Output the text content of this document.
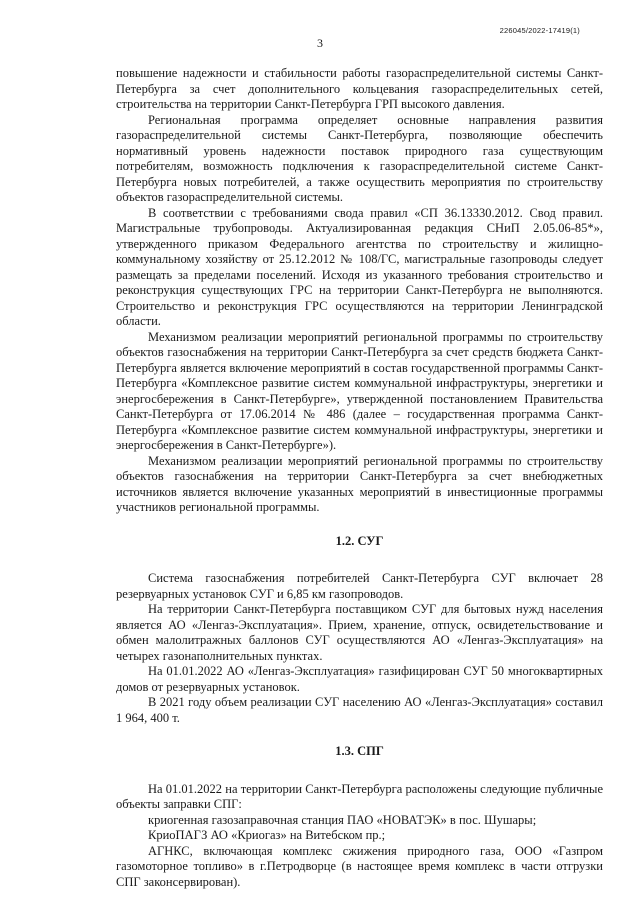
226045/2022-17419(1)
3

повышение надежности и стабильности работы газораспределительной системы Санкт-Петербурга за счет дополнительного кольцевания газораспределительных сетей, строительства на территории Санкт-Петербурга ГРП высокого давления.

Региональная программа определяет основные направления развития газораспределительной системы Санкт-Петербурга, позволяющие обеспечить нормативный уровень надежности поставок природного газа существующим потребителям, возможность подключения к газораспределительной системе Санкт-Петербурга новых потребителей, а также осуществить мероприятия по строительству объектов газораспределительной системы.

В соответствии с требованиями свода правил «СП 36.13330.2012. Свод правил. Магистральные трубопроводы. Актуализированная редакция СНиП 2.05.06-85*», утвержденного приказом Федерального агентства по строительству и жилищно-коммунальному хозяйству от 25.12.2012 № 108/ГС, магистральные газопроводы следует размещать за пределами поселений. Исходя из указанного требования строительство и реконструкция существующих ГРС на территории Санкт-Петербурга не выполняются. Строительство и реконструкция ГРС осуществляются на территории Ленинградской области.

Механизмом реализации мероприятий региональной программы по строительству объектов газоснабжения на территории Санкт-Петербурга за счет средств бюджета Санкт-Петербурга является включение мероприятий в состав государственной программы Санкт-Петербурга «Комплексное развитие систем коммунальной инфраструктуры, энергетики и энергосбережения в Санкт-Петербурге», утвержденной постановлением Правительства Санкт-Петербурга от 17.06.2014 № 486 (далее – государственная программа Санкт-Петербурга «Комплексное развитие систем коммунальной инфраструктуры, энергетики и энергосбережения в Санкт-Петербурге»).

Механизмом реализации мероприятий региональной программы по строительству объектов газоснабжения на территории Санкт-Петербурга за счет внебюджетных источников является включение указанных мероприятий в инвестиционные программы участников региональной программы.

1.2. СУГ

Система газоснабжения потребителей Санкт-Петербурга СУГ включает 28 резервуарных установок СУГ и 6,85 км газопроводов.

На территории Санкт-Петербурга поставщиком СУГ для бытовых нужд населения является АО «Ленгаз-Эксплуатация». Прием, хранение, отпуск, освидетельствование и обмен малолитражных баллонов СУГ осуществляются АО «Ленгаз-Эксплуатация» на четырех газонаполнительных пунктах.

На 01.01.2022 АО «Ленгаз-Эксплуатация» газифицирован СУГ 50 многоквартирных домов от резервуарных установок.

В 2021 году объем реализации СУГ населению АО «Ленгаз-Эксплуатация» составил 1 964, 400 т.

1.3. СПГ

На 01.01.2022 на территории Санкт-Петербурга расположены следующие публичные объекты заправки СПГ:

криогенная газозаправочная станция ПАО «НОВАТЭК» в пос. Шушары;

КриоПАГЗ АО «Криогаз» на Витебском пр.;

АГНКС, включающая комплекс сжижения природного газа, ООО «Газпром газомоторное топливо» в г.Петродворце (в настоящее время комплекс в части отгрузки СПГ законсервирован).
